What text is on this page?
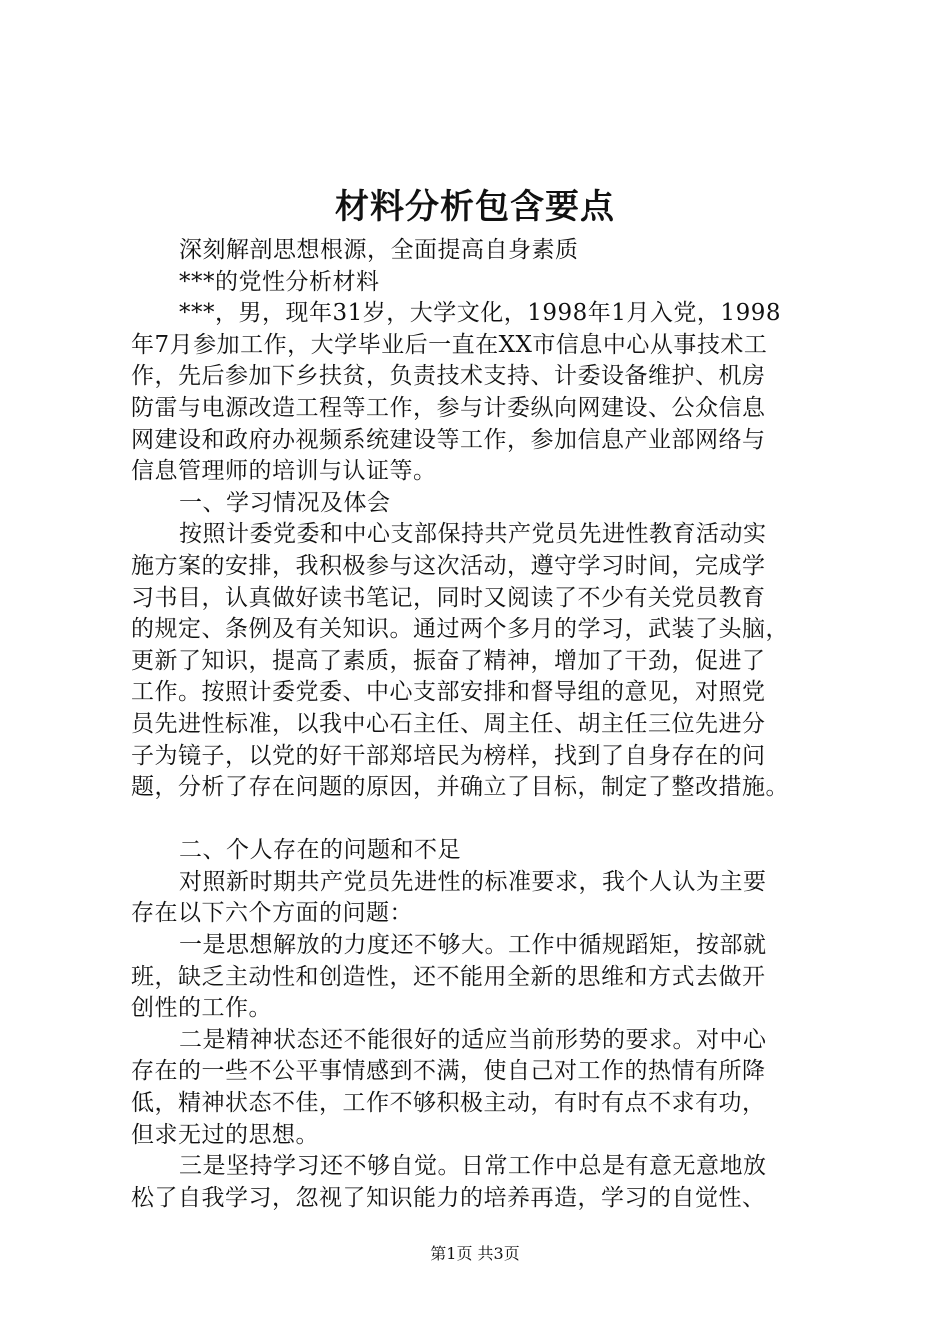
材料分析包含要点
深刻解剖思想根源，全面提高自身素质
***的党性分析材料
***，男，现年31岁，大学文化，1998年1月入党，1998
年7月参加工作，大学毕业后一直在XX市信息中心从事技术工
作，先后参加下乡扶贫，负责技术支持、计委设备维护、机房
防雷与电源改造工程等工作，参与计委纵向网建设、公众信息
网建设和政府办视频系统建设等工作，参加信息产业部网络与
信息管理师的培训与认证等。
一、学习情况及体会
按照计委党委和中心支部保持共产党员先进性教育活动实
施方案的安排，我积极参与这次活动，遵守学习时间，完成学
习书目，认真做好读书笔记，同时又阅读了不少有关党员教育
的规定、条例及有关知识。通过两个多月的学习，武装了头脑，
更新了知识，提高了素质，振奋了精神，增加了干劲，促进了
工作。按照计委党委、中心支部安排和督导组的意见，对照党
员先进性标准，以我中心石主任、周主任、胡主任三位先进分
子为镜子，以党的好干部郑培民为榜样，找到了自身存在的问
题，分析了存在问题的原因，并确立了目标，制定了整改措施。
二、个人存在的问题和不足
对照新时期共产党员先进性的标准要求，我个人认为主要
存在以下六个方面的问题：
一是思想解放的力度还不够大。工作中循规蹈矩，按部就
班，缺乏主动性和创造性，还不能用全新的思维和方式去做开
创性的工作。
二是精神状态还不能很好的适应当前形势的要求。对中心
存在的一些不公平事情感到不满，使自己对工作的热情有所降
低，精神状态不佳，工作不够积极主动，有时有点不求有功，
但求无过的思想。
三是坚持学习还不够自觉。日常工作中总是有意无意地放
松了自我学习，忽视了知识能力的培养再造，学习的自觉性、
第1页 共3页
